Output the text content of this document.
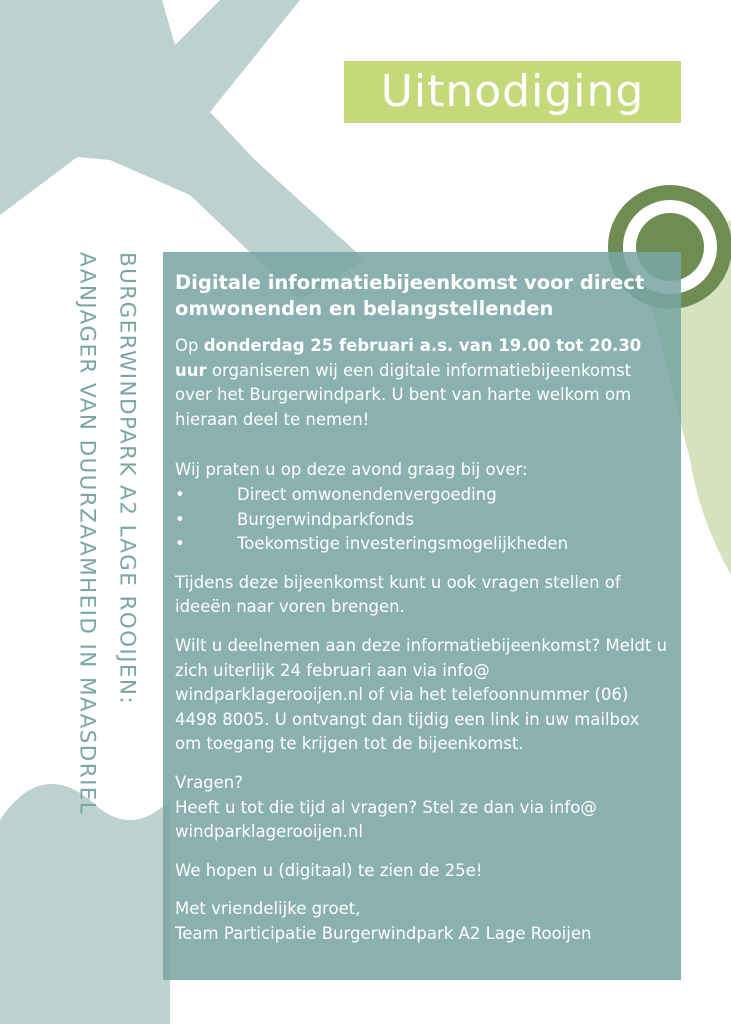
Uitnodiging
BURGERWINDPARK A2 LAGE ROOIJEN:
AANJAGER VAN DUURZAAMHEID IN MAASDRIEL	Digitale informatiebijeenkomst voor direct omwonenden en belangstellenden

Op donderdag 25 februari a.s. van 19.00 tot 20.30 uur organiseren wij een digitale informatiebijeenkomst over het Burgerwindpark. U bent van harte welkom om hieraan deel te nemen!

Wij praten u op deze avond graag bij over:

•	Direct omwonendenvergoeding
•	Burgerwindparkfonds
•	Toekomstige investeringsmogelijkheden

Tijdens deze bijeenkomst kunt u ook vragen stellen of ideeën naar voren brengen.

Wilt u deelnemen aan deze informatiebijeenkomst? Meldt u zich uiterlijk 24 februari aan via info@ windparklagerooijen.nl of via het telefoonnummer (06) 4498 8005. U ontvangt dan tijdig een link in uw mailbox om toegang te krijgen tot de bijeenkomst.

Vragen?

Heeft u tot die tijd al vragen? Stel ze dan via info@ windparklagerooijen.nl

We hopen u (digitaal) te zien de 25e!

Met vriendelijke groet,

Team Participatie Burgerwindpark A2 Lage Rooijen
